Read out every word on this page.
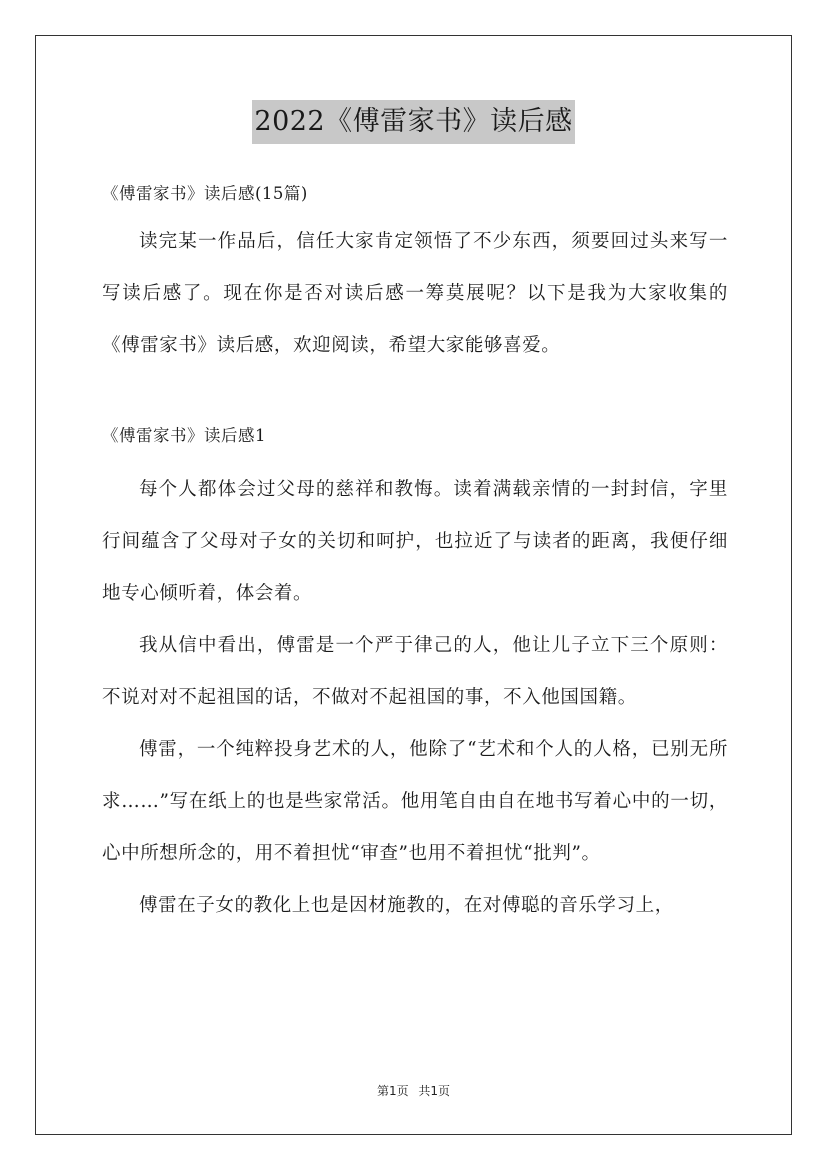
2022《傅雷家书》读后感

《傅雷家书》读后感(15篇)

读完某一作品后，信任大家肯定领悟了不少东西，须要回过头来写一写读后感了。现在你是否对读后感一筹莫展呢？以下是我为大家收集的《傅雷家书》读后感，欢迎阅读，希望大家能够喜爱。

《傅雷家书》读后感1

每个人都体会过父母的慈祥和教悔。读着满载亲情的一封封信，字里行间蕴含了父母对子女的关切和呵护，也拉近了与读者的距离，我便仔细地专心倾听着，体会着。

我从信中看出，傅雷是一个严于律己的人，他让儿子立下三个原则：不说对对不起祖国的话，不做对不起祖国的事，不入他国国籍。

傅雷，一个纯粹投身艺术的人，他除了“艺术和个人的人格，已别无所求……”写在纸上的也是些家常活。他用笔自由自在地书写着心中的一切，心中所想所念的，用不着担忧“审查”也用不着担忧“批判”。

傅雷在子女的教化上也是因材施教的，在对傅聪的音乐学习上，

第1页 共1页
